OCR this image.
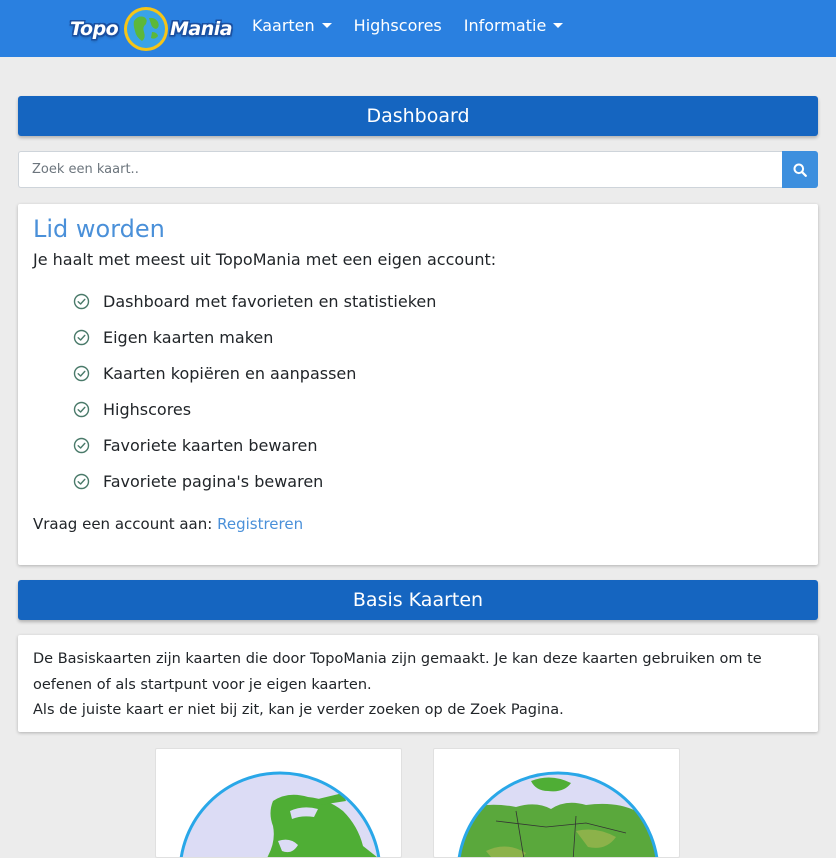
Topo	Mania Kaarten Highscores Informatie
Dashboard
Zoek een kaart..
Lid worden

Je haalt met meest uit TopoMania met een eigen account:

Dashboard met favorieten en statistieken
Eigen kaarten maken
Kaarten kopiëren en aanpassen
Highscores
Favoriete kaarten bewaren
Favoriete pagina's bewaren

Vraag een account aan: Registreren

Basis Kaarten

De Basiskaarten zijn kaarten die door TopoMania zijn gemaakt. Je kan deze kaarten gebruiken om te oefenen of als startpunt voor je eigen kaarten.

Als de juiste kaart er niet bij zit, kan je verder zoeken op de Zoek Pagina.
